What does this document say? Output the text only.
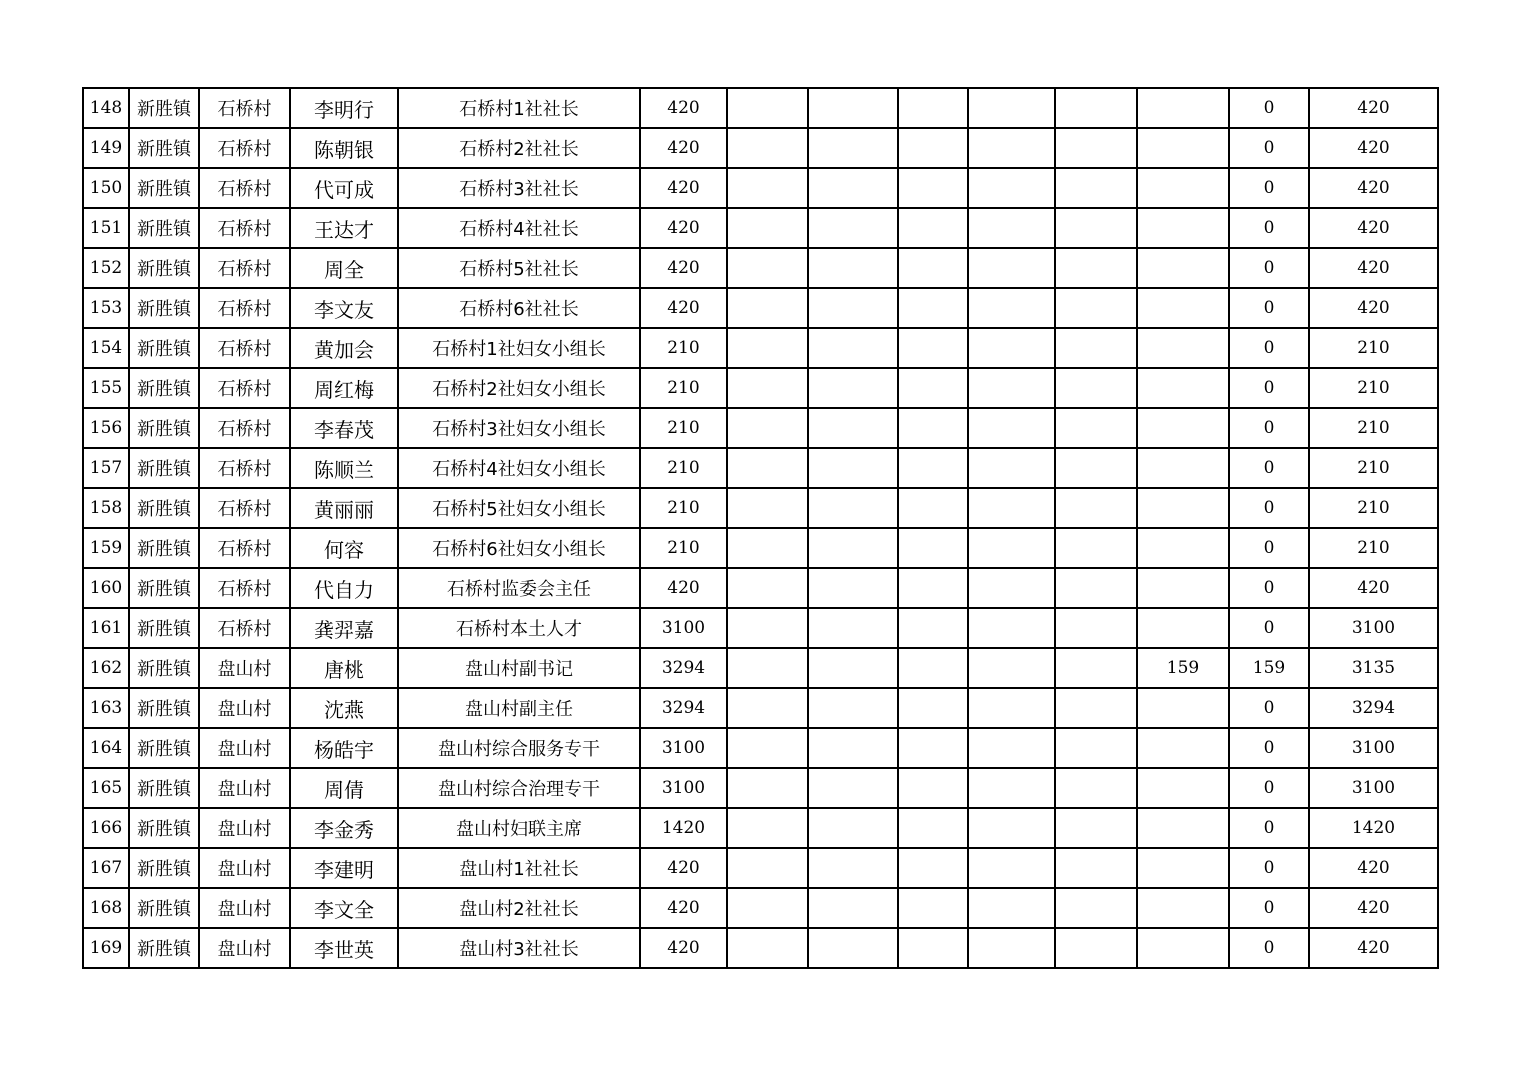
148	新胜镇	石桥村	李明行	石桥村1社社长	420							0	420
149	新胜镇	石桥村	陈朝银	石桥村2社社长	420							0	420
150	新胜镇	石桥村	代可成	石桥村3社社长	420							0	420
151	新胜镇	石桥村	王达才	石桥村4社社长	420							0	420
152	新胜镇	石桥村	周全	石桥村5社社长	420							0	420
153	新胜镇	石桥村	李文友	石桥村6社社长	420							0	420
154	新胜镇	石桥村	黄加会	石桥村1社妇女小组长	210							0	210
155	新胜镇	石桥村	周红梅	石桥村2社妇女小组长	210							0	210
156	新胜镇	石桥村	李春茂	石桥村3社妇女小组长	210							0	210
157	新胜镇	石桥村	陈顺兰	石桥村4社妇女小组长	210							0	210
158	新胜镇	石桥村	黄丽丽	石桥村5社妇女小组长	210							0	210
159	新胜镇	石桥村	何容	石桥村6社妇女小组长	210							0	210
160	新胜镇	石桥村	代自力	石桥村监委会主任	420							0	420
161	新胜镇	石桥村	龚羿嘉	石桥村本土人才	3100							0	3100
162	新胜镇	盘山村	唐桃	盘山村副书记	3294						159	159	3135
163	新胜镇	盘山村	沈燕	盘山村副主任	3294							0	3294
164	新胜镇	盘山村	杨皓宇	盘山村综合服务专干	3100							0	3100
165	新胜镇	盘山村	周倩	盘山村综合治理专干	3100							0	3100
166	新胜镇	盘山村	李金秀	盘山村妇联主席	1420							0	1420
167	新胜镇	盘山村	李建明	盘山村1社社长	420							0	420
168	新胜镇	盘山村	李文全	盘山村2社社长	420							0	420
169	新胜镇	盘山村	李世英	盘山村3社社长	420							0	420
